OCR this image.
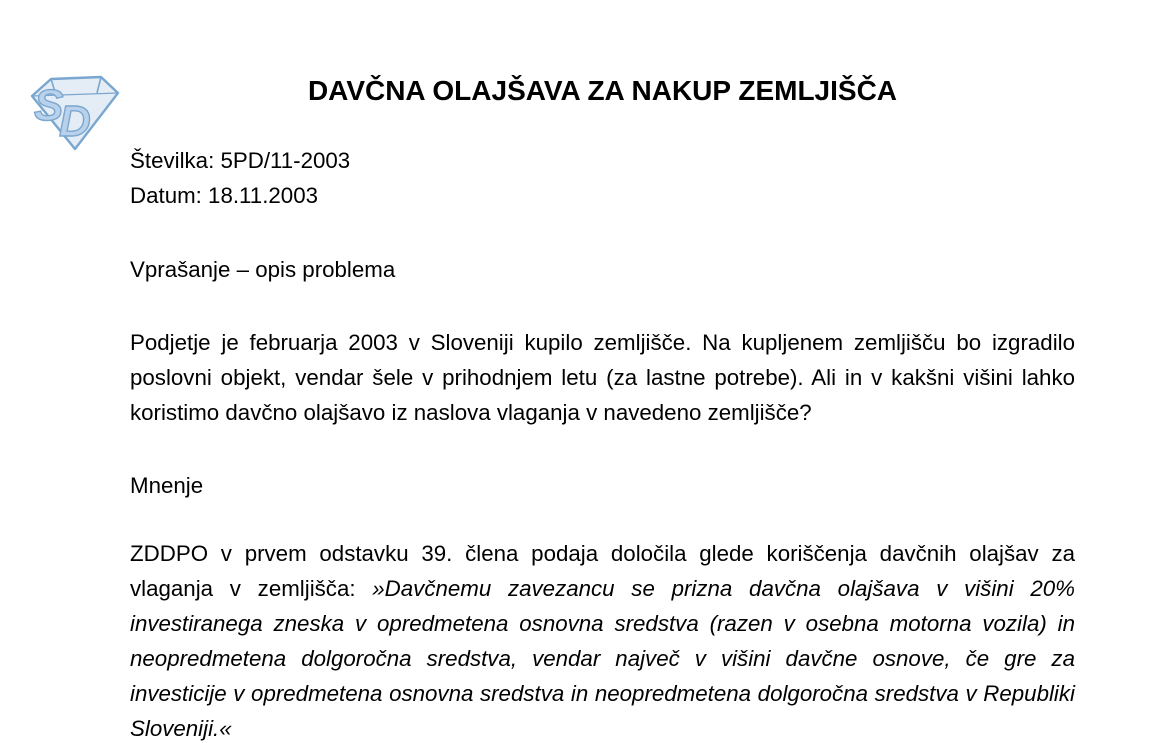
S
D
DAVČNA OLAJŠAVA ZA NAKUP ZEMLJIŠČA

Številka: 5PD/11-2003

Datum: 18.11.2003

Vprašanje – opis problema

Podjetje je februarja 2003 v Sloveniji kupilo zemljišče. Na kupljenem zemljišču bo izgradilo poslovni objekt, vendar šele v prihodnjem letu (za lastne potrebe). Ali in v kakšni višini lahko koristimo davčno olajšavo iz naslova vlaganja v navedeno zemljišče?

Mnenje

ZDDPO v prvem odstavku 39. člena podaja določila glede koriščenja davčnih olajšav za vlaganja v zemljišča: »Davčnemu zavezancu se prizna davčna olajšava v višini 20% investiranega zneska v opredmetena osnovna sredstva (razen v osebna motorna vozila) in neopredmetena dolgoročna sredstva, vendar največ v višini davčne osnove, če gre za investicije v opredmetena osnovna sredstva in neopredmetena dolgoročna sredstva v Republiki Sloveniji.«
